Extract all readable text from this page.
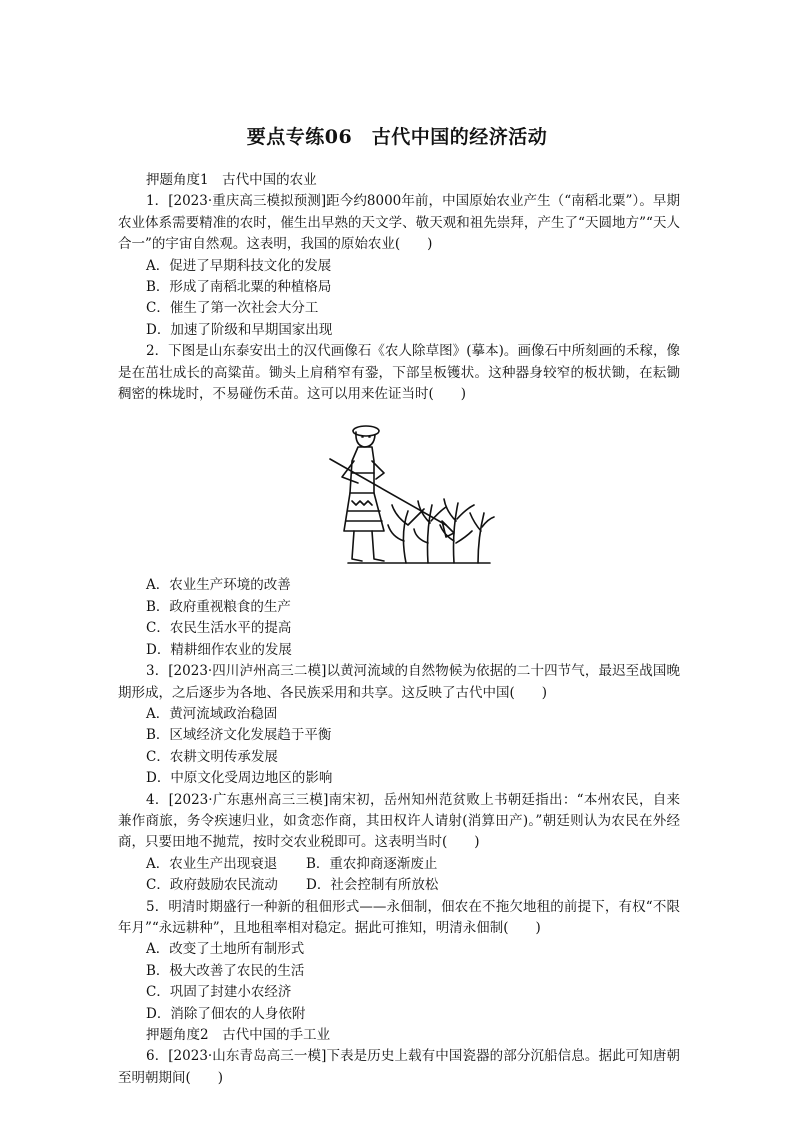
要点专练06　古代中国的经济活动

押题角度1　古代中国的农业

1．[2023·重庆高三模拟预测]距今约8000年前，中国原始农业产生（“南稻北粟”）。早期农业体系需要精准的农时，催生出早熟的天文学、敬天观和祖先崇拜，产生了“天圆地方”“天人合一”的宇宙自然观。这表明，我国的原始农业(　　)

A．促进了早期科技文化的发展

B．形成了南稻北粟的种植格局

C．催生了第一次社会大分工

D．加速了阶级和早期国家出现

2．下图是山东泰安出土的汉代画像石《农人除草图》(摹本)。画像石中所刻画的禾稼，像是在茁壮成长的高粱苗。锄头上肩稍窄有銎，下部呈板镬状。这种器身较窄的板状锄，在耘锄稠密的株垅时，不易碰伤禾苗。这可以用来佐证当时(　　)

A．农业生产环境的改善

B．政府重视粮食的生产

C．农民生活水平的提高

D．精耕细作农业的发展

3．[2023·四川泸州高三二模]以黄河流域的自然物候为依据的二十四节气，最迟至战国晚期形成，之后逐步为各地、各民族采用和共享。这反映了古代中国(　　)

A．黄河流域政治稳固

B．区域经济文化发展趋于平衡

C．农耕文明传承发展

D．中原文化受周边地区的影响

4．[2023·广东惠州高三三模]南宋初，岳州知州范贫败上书朝廷指出：“本州农民，自来兼作商旅，务令疾速归业，如贪恋作商，其田权许人请射(消算田产)。”朝廷则认为农民在外经商，只要田地不抛荒，按时交农业税即可。这表明当时(　　)

A．农业生产出现衰退 B．重农抑商逐渐废止

C．政府鼓励农民流动 D．社会控制有所放松

5．明清时期盛行一种新的租佃形式——永佃制，佃农在不拖欠地租的前提下，有权“不限年月”“永远耕种”，且地租率相对稳定。据此可推知，明清永佃制(　　)

A．改变了土地所有制形式

B．极大改善了农民的生活

C．巩固了封建小农经济

D．消除了佃农的人身依附

押题角度2　古代中国的手工业

6．[2023·山东青岛高三一模]下表是历史上载有中国瓷器的部分沉船信息。据此可知唐朝至明朝期间(　　)
